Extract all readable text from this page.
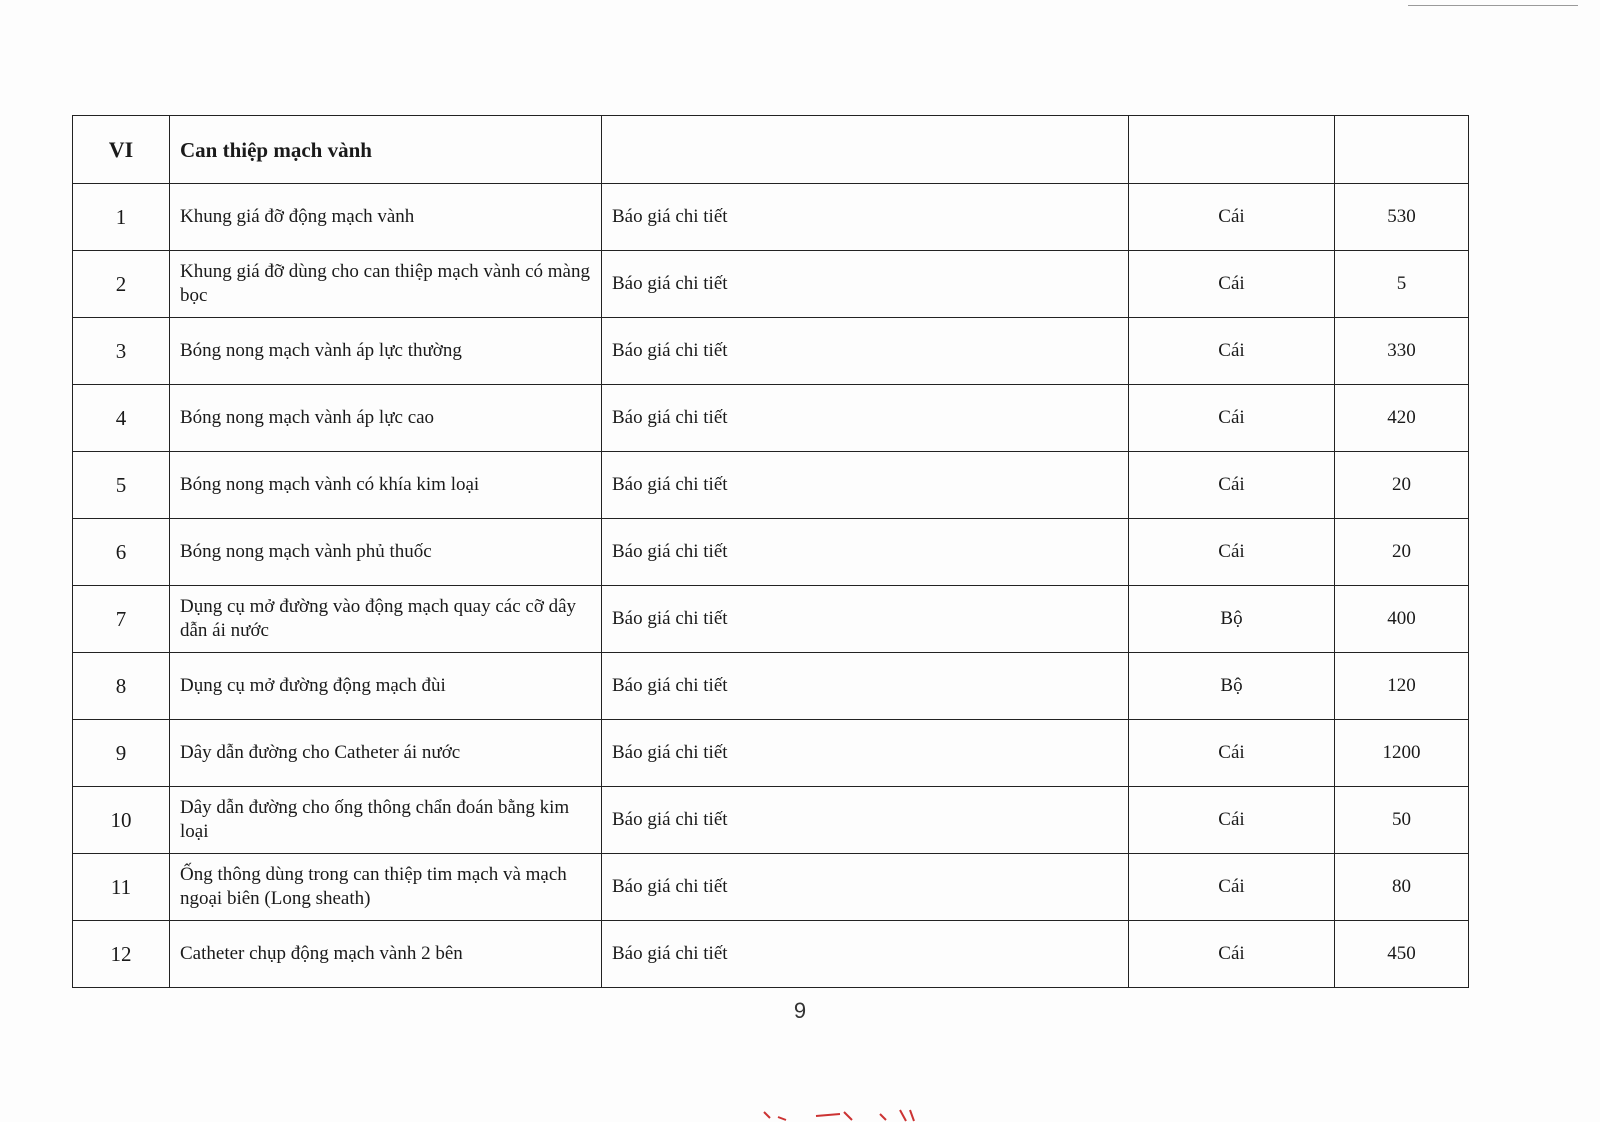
VI	Can thiệp mạch vành			
1	Khung giá đỡ động mạch vành	Báo giá chi tiết	Cái	530
2	Khung giá đỡ dùng cho can thiệp mạch vành có màng bọc	Báo giá chi tiết	Cái	5
3	Bóng nong mạch vành áp lực thường	Báo giá chi tiết	Cái	330
4	Bóng nong mạch vành áp lực cao	Báo giá chi tiết	Cái	420
5	Bóng nong mạch vành có khía kim loại	Báo giá chi tiết	Cái	20
6	Bóng nong mạch vành phủ thuốc	Báo giá chi tiết	Cái	20
7	Dụng cụ mở đường vào động mạch quay các cỡ dây dẫn ái nước	Báo giá chi tiết	Bộ	400
8	Dụng cụ mở đường động mạch đùi	Báo giá chi tiết	Bộ	120
9	Dây dẫn đường cho Catheter ái nước	Báo giá chi tiết	Cái	1200
10	Dây dẫn đường cho ống thông chẩn đoán bằng kim loại	Báo giá chi tiết	Cái	50
11	Ống thông dùng trong can thiệp tim mạch và mạch ngoại biên (Long sheath)	Báo giá chi tiết	Cái	80
12	Catheter chụp động mạch vành 2 bên	Báo giá chi tiết	Cái	450
9
